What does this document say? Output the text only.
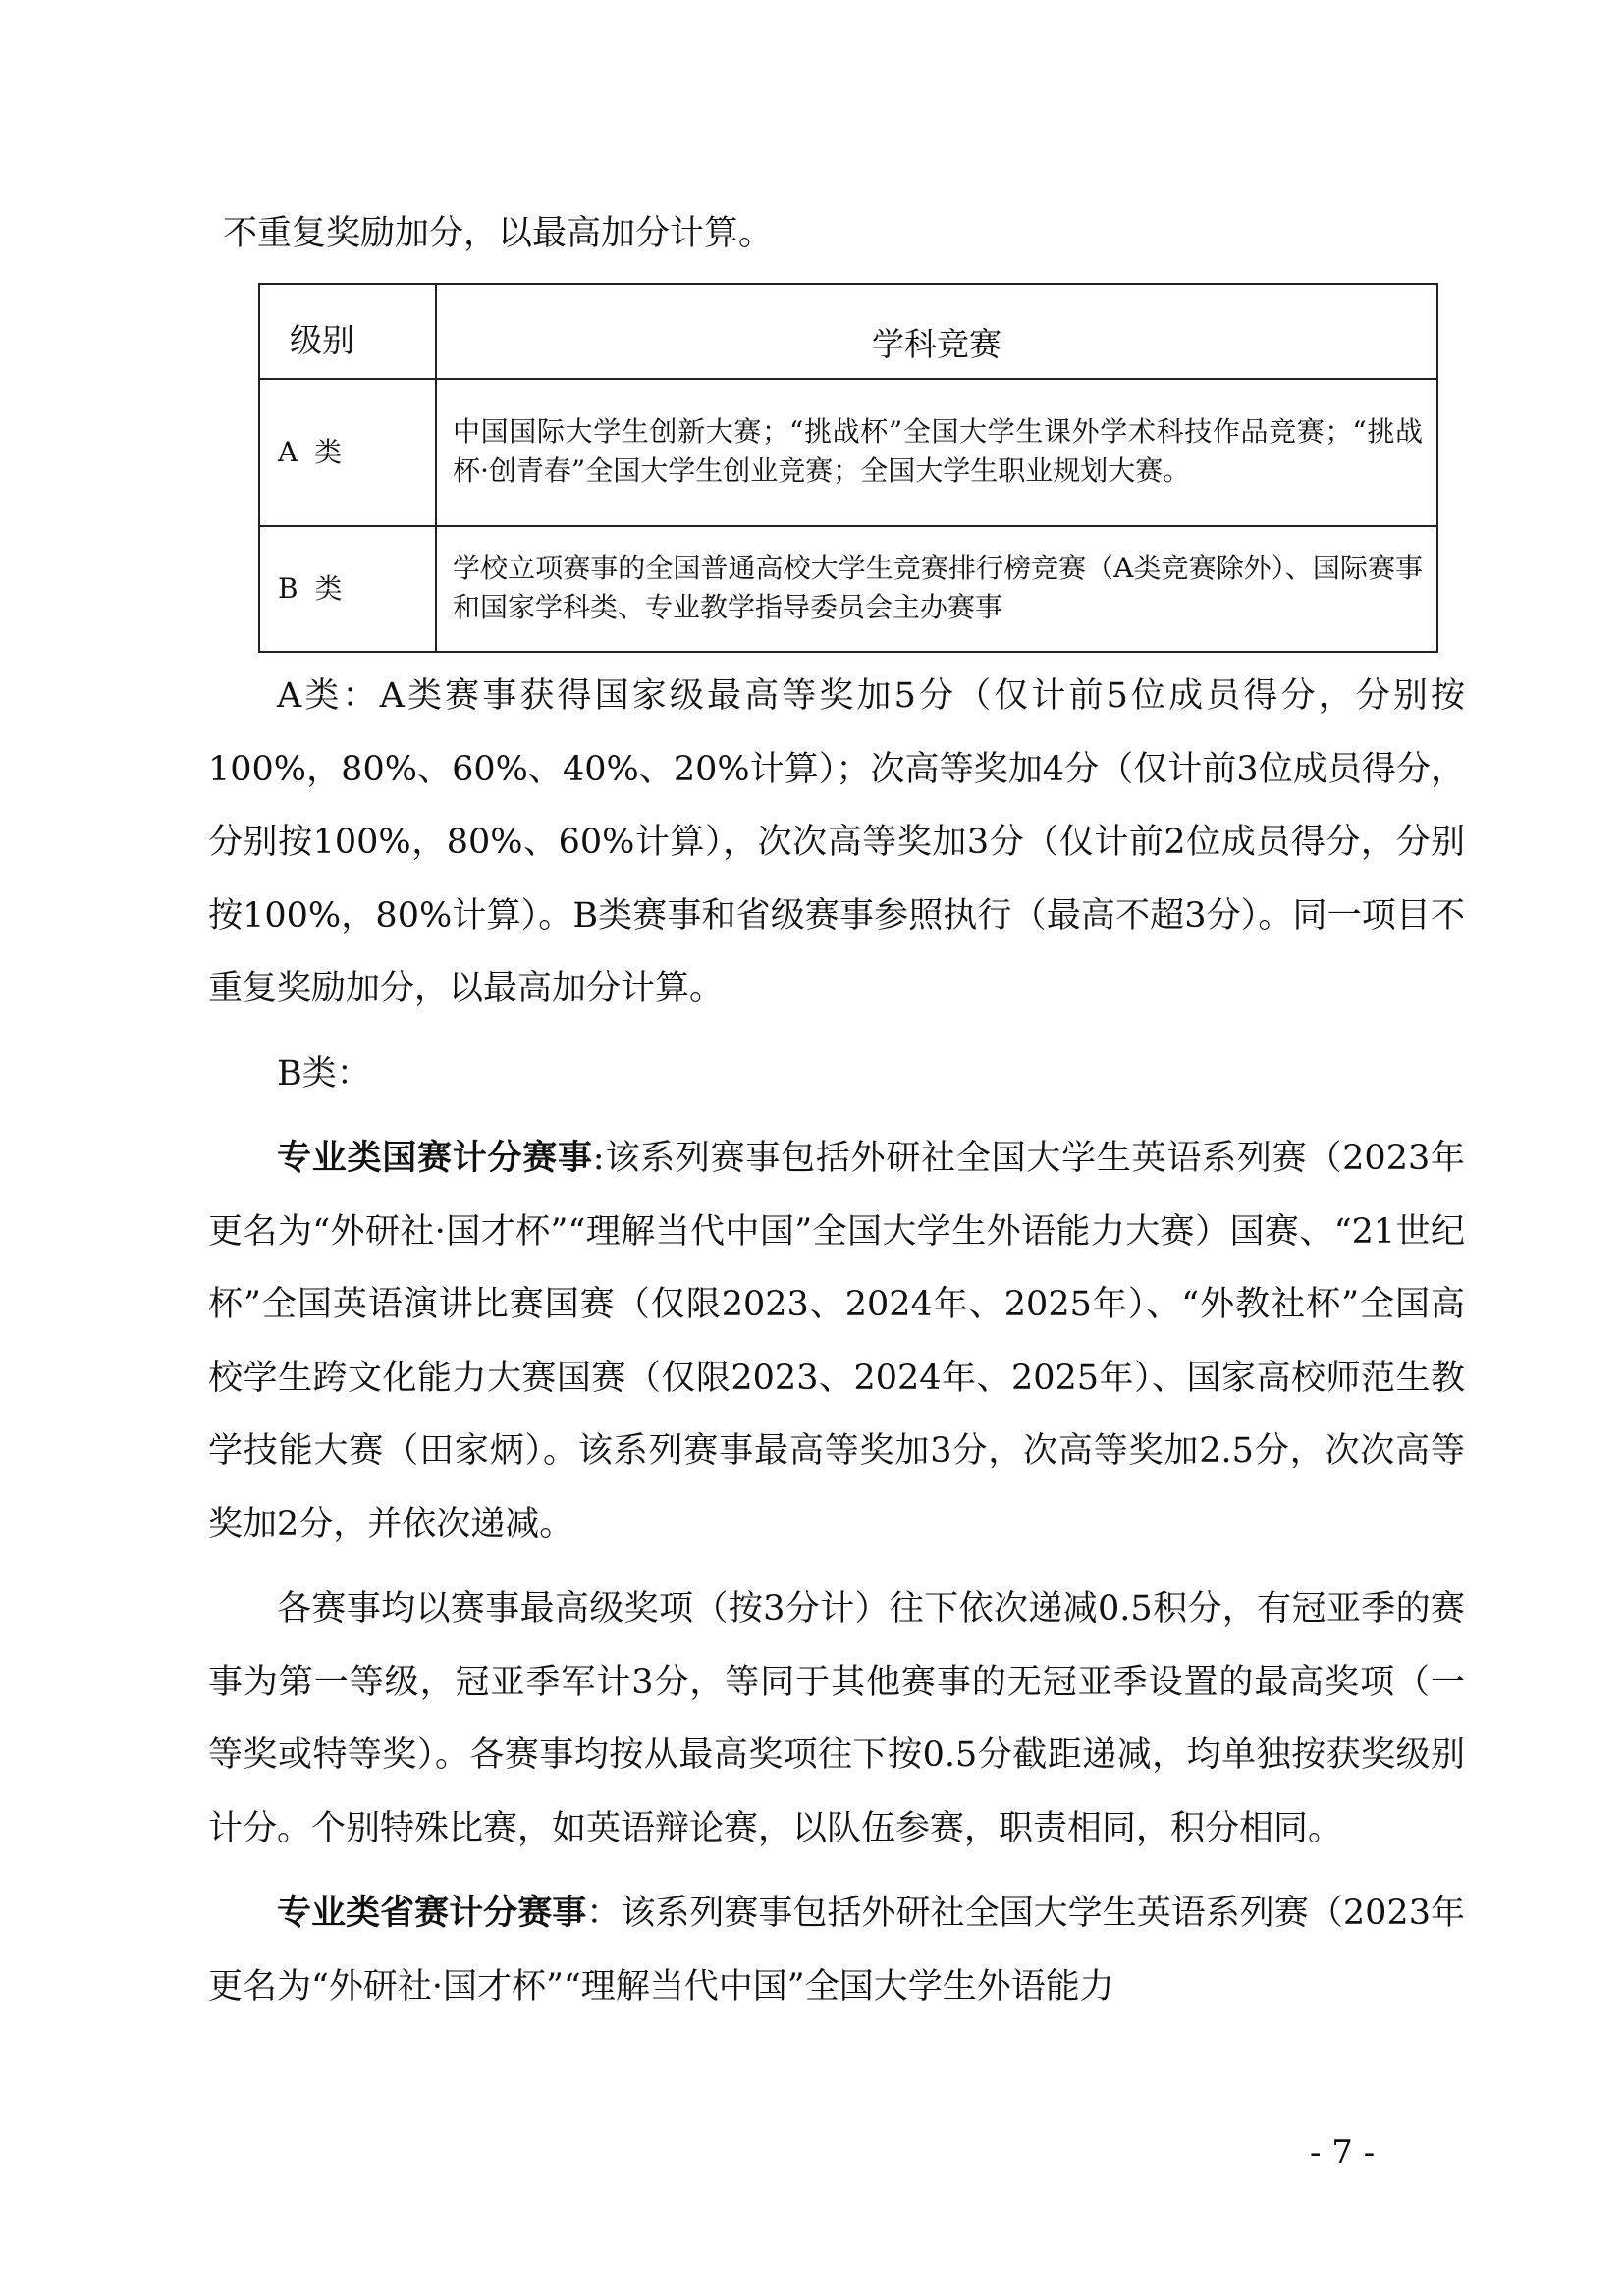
不重复奖励加分，以最高加分计算。
级别	学科竞赛
A 类	中国国际大学生创新大赛；“挑战杯”全国大学生课外学术科技作品竞赛；“挑战杯·创青春”全国大学生创业竞赛；全国大学生职业规划大赛。
B 类	学校立项赛事的全国普通高校大学生竞赛排行榜竞赛（A类竞赛除外）、国际赛事和国家学科类、专业教学指导委员会主办赛事

A类：A类赛事获得国家级最高等奖加5分（仅计前5位成员得分，分别按100%，80%、60%、40%、20%计算）；次高等奖加4分（仅计前3位成员得分，分别按100%，80%、60%计算），次次高等奖加3分（仅计前2位成员得分，分别按100%，80%计算）。B类赛事和省级赛事参照执行（最高不超3分）。同一项目不重复奖励加分，以最高加分计算。

B类：

专业类国赛计分赛事:该系列赛事包括外研社全国大学生英语系列赛（2023年更名为“外研社·国才杯”“理解当代中国”全国大学生外语能力大赛）国赛、“21世纪杯”全国英语演讲比赛国赛（仅限2023、2024年、2025年）、“外教社杯”全国高校学生跨文化能力大赛国赛（仅限2023、2024年、2025年）、国家高校师范生教学技能大赛（田家炳）。该系列赛事最高等奖加3分，次高等奖加2.5分，次次高等奖加2分，并依次递减。

各赛事均以赛事最高级奖项（按3分计）往下依次递减0.5积分，有冠亚季的赛事为第一等级，冠亚季军计3分，等同于其他赛事的无冠亚季设置的最高奖项（一等奖或特等奖）。各赛事均按从最高奖项往下按0.5分截距递减，均单独按获奖级别计分。个别特殊比赛，如英语辩论赛，以队伍参赛，职责相同，积分相同。

专业类省赛计分赛事：该系列赛事包括外研社全国大学生英语系列赛（2023年更名为“外研社·国才杯”“理解当代中国”全国大学生外语能力

- 7 -
